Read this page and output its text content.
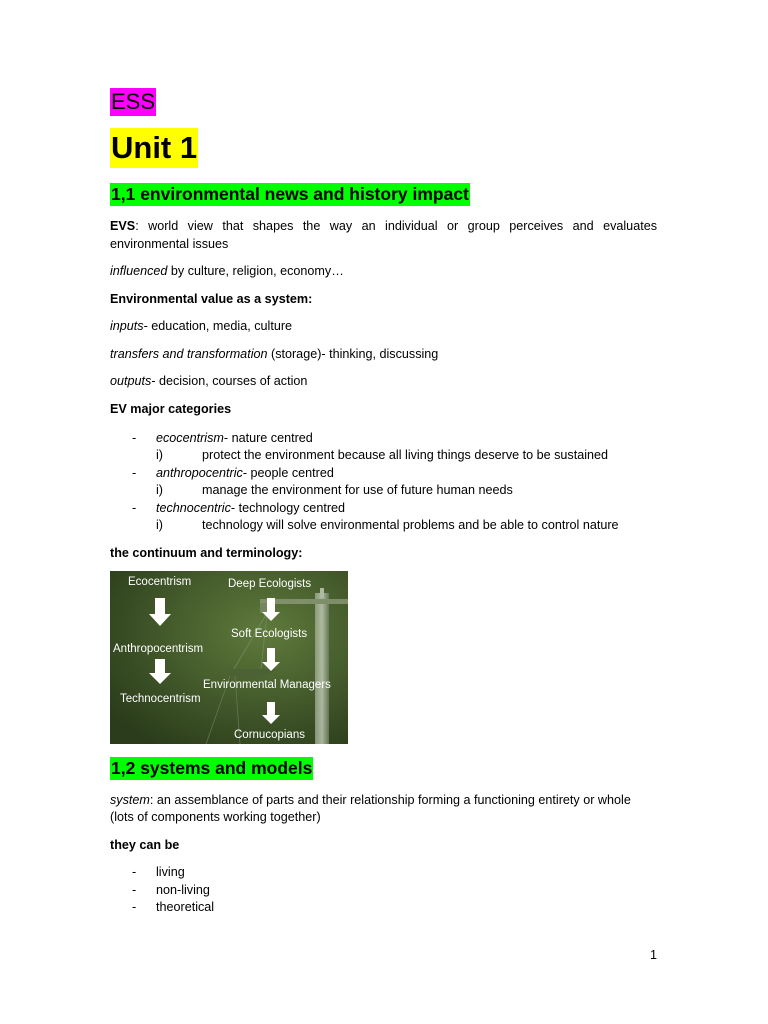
ESS
Unit 1
1,1 environmental news and history impact
EVS: world view that shapes the way an individual or group perceives and evaluates environmental issues
influenced by culture, religion, economy…
Environmental value as a system:
inputs- education, media, culture
transfers and transformation (storage)- thinking, discussing
outputs- decision, courses of action
EV major categories
- ecocentrism- nature centred
i)	protect the environment because all living things deserve to be sustained
- anthropocentric- people centred
i)	manage the environment for use of future human needs
- technocentric- technology centred
i)	technology will solve environmental problems and be able to control nature
the continuum and terminology:
Ecocentrism
Anthropocentrism
Technocentrism
Deep Ecologists
Soft Ecologists
Environmental Managers
Cornucopians
1,2 systems and models
system: an assemblance of parts and their relationship forming a functioning entirety or whole
(lots of components working together)
they can be
- living
- non-living
- theoretical
1
